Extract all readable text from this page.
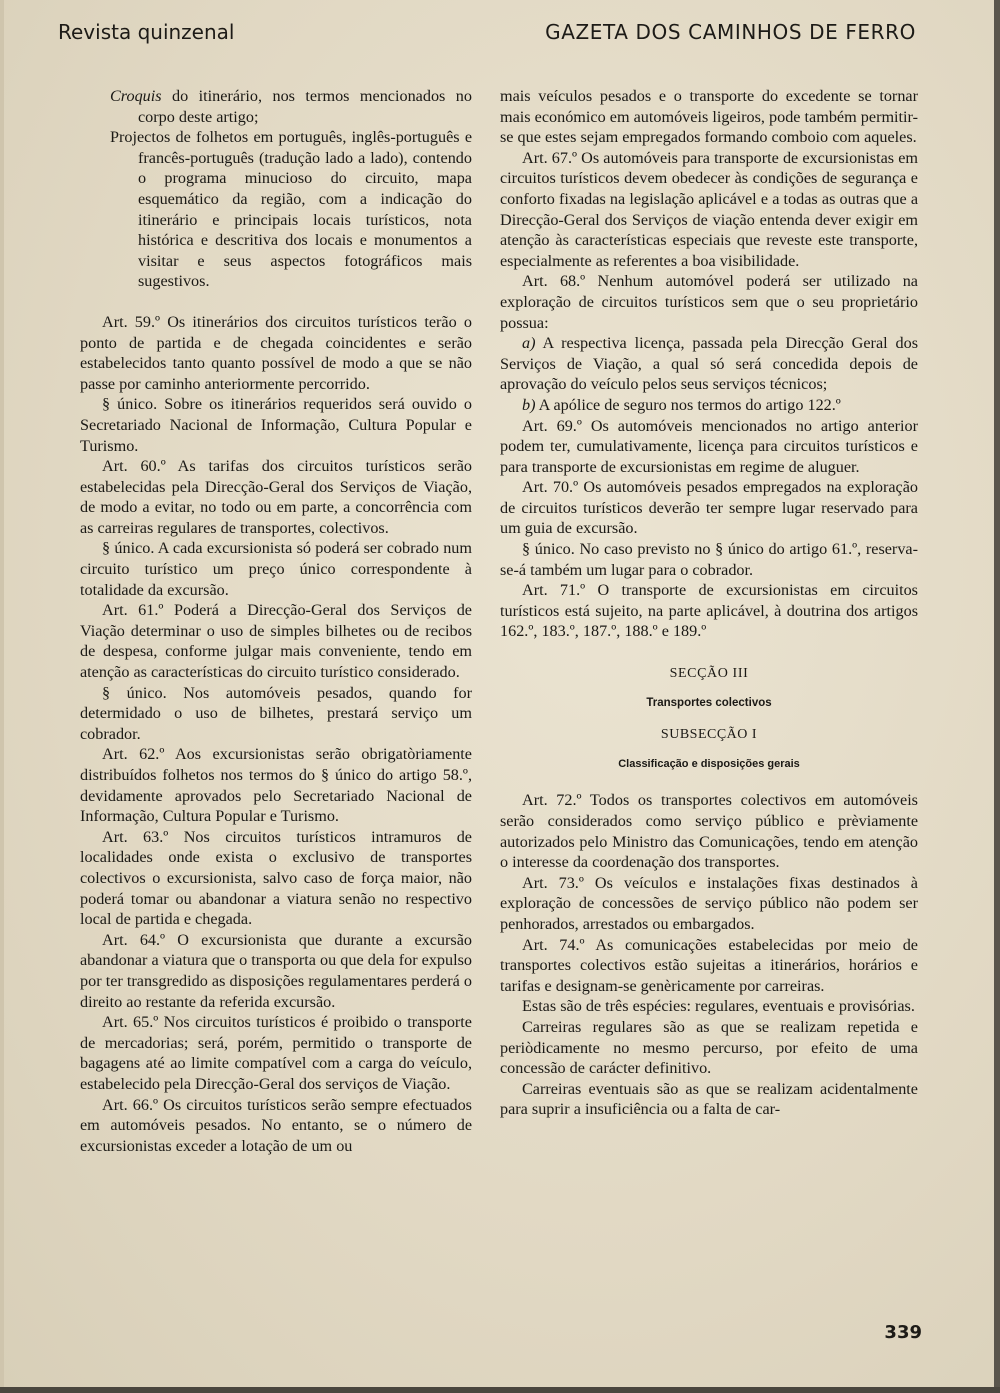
Revista quinzenal	GAZETA DOS CAMINHOS DE FERRO

Croquis do itinerário, nos termos mencionados no corpo deste artigo;

Projectos de folhetos em português, inglês-português e francês-português (tradução lado a lado), contendo o programa minucioso do circuito, mapa esquemático da região, com a indicação do itinerário e principais locais turísticos, nota histórica e descritiva dos locais e monumentos a visitar e seus aspectos fotográficos mais sugestivos.

Art. 59.º Os itinerários dos circuitos turísticos terão o ponto de partida e de chegada coincidentes e serão estabelecidos tanto quanto possível de modo a que se não passe por caminho anteriormente percorrido.

§ único. Sobre os itinerários requeridos será ouvido o Secretariado Nacional de Informação, Cultura Popular e Turismo.

Art. 60.º As tarifas dos circuitos turísticos serão estabelecidas pela Direcção-Geral dos Serviços de Viação, de modo a evitar, no todo ou em parte, a concorrência com as carreiras regulares de transportes, colectivos.

§ único. A cada excursionista só poderá ser cobrado num circuito turístico um preço único correspondente à totalidade da excursão.

Art. 61.º Poderá a Direcção-Geral dos Serviços de Viação determinar o uso de simples bilhetes ou de recibos de despesa, conforme julgar mais conveniente, tendo em atenção as características do circuito turístico considerado.

§ único. Nos automóveis pesados, quando for determidado o uso de bilhetes, prestará serviço um cobrador.

Art. 62.º Aos excursionistas serão obrigatòriamente distribuídos folhetos nos termos do § único do artigo 58.º, devidamente aprovados pelo Secretariado Nacional de Informação, Cultura Popular e Turismo.

Art. 63.º Nos circuitos turísticos intramuros de localidades onde exista o exclusivo de transportes colectivos o excursionista, salvo caso de força maior, não poderá tomar ou abandonar a viatura senão no respectivo local de partida e chegada.

Art. 64.º O excursionista que durante a excursão abandonar a viatura que o transporta ou que dela for expulso por ter transgredido as disposições regulamentares perderá o direito ao restante da referida excursão.

Art. 65.º Nos circuitos turísticos é proibido o transporte de mercadorias; será, porém, permitido o transporte de bagagens até ao limite compatível com a carga do veículo, estabelecido pela Direcção-Geral dos serviços de Viação.

Art. 66.º Os circuitos turísticos serão sempre efectuados em automóveis pesados. No entanto, se o número de excursionistas exceder a lotação de um ou

mais veículos pesados e o transporte do excedente se tornar mais económico em automóveis ligeiros, pode também permitir-se que estes sejam empregados formando comboio com aqueles.

Art. 67.º Os automóveis para transporte de excursionistas em circuitos turísticos devem obedecer às condições de segurança e conforto fixadas na legislação aplicável e a todas as outras que a Direcção-Geral dos Serviços de viação entenda dever exigir em atenção às características especiais que reveste este transporte, especialmente as referentes a boa visibilidade.

Art. 68.º Nenhum automóvel poderá ser utilizado na exploração de circuitos turísticos sem que o seu proprietário possua:

a) A respectiva licença, passada pela Direcção Geral dos Serviços de Viação, a qual só será concedida depois de aprovação do veículo pelos seus serviços técnicos;

b) A apólice de seguro nos termos do artigo 122.º

Art. 69.º Os automóveis mencionados no artigo anterior podem ter, cumulativamente, licença para circuitos turísticos e para transporte de excursionistas em regime de aluguer.

Art. 70.º Os automóveis pesados empregados na exploração de circuitos turísticos deverão ter sempre lugar reservado para um guia de excursão.

§ único. No caso previsto no § único do artigo 61.º, reserva-se-á também um lugar para o cobrador.

Art. 71.º O transporte de excursionistas em circuitos turísticos está sujeito, na parte aplicável, à doutrina dos artigos 162.º, 183.º, 187.º, 188.º e 189.º

SECÇÃO III

Transportes colectivos

SUBSECÇÃO I

Classificação e disposições gerais

Art. 72.º Todos os transportes colectivos em automóveis serão considerados como serviço público e prèviamente autorizados pelo Ministro das Comunicações, tendo em atenção o interesse da coordenação dos transportes.

Art. 73.º Os veículos e instalações fixas destinados à exploração de concessões de serviço público não podem ser penhorados, arrestados ou embargados.

Art. 74.º As comunicações estabelecidas por meio de transportes colectivos estão sujeitas a itinerários, horários e tarifas e designam-se genèricamente por carreiras.

Estas são de três espécies: regulares, eventuais e provisórias.

Carreiras regulares são as que se realizam repetida e periòdicamente no mesmo percurso, por efeito de uma concessão de carácter definitivo.

Carreiras eventuais são as que se realizam acidentalmente para suprir a insuficiência ou a falta de car-

339
